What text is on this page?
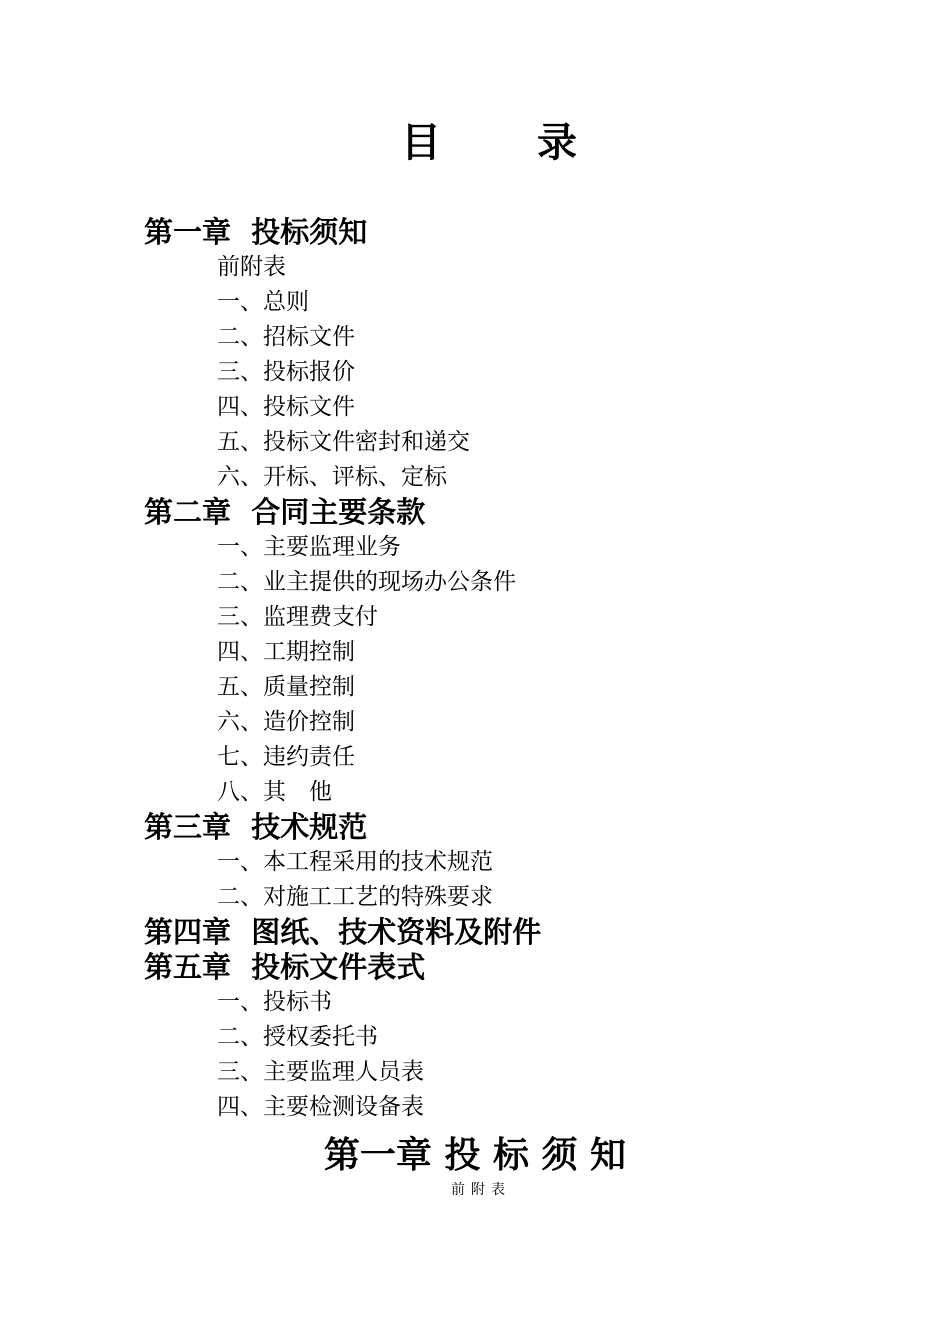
目　录
第一章  投标须知
前附表
一、总则
二、招标文件
三、投标报价
四、投标文件
五、投标文件密封和递交
六、开标、评标、定标
第二章  合同主要条款
一、主要监理业务
二、业主提供的现场办公条件
三、监理费支付
四、工期控制
五、质量控制
六、造价控制
七、违约责任
八、其　他
第三章  技术规范
一、本工程采用的技术规范
二、对施工工艺的特殊要求
第四章  图纸、技术资料及附件
第五章  投标文件表式
一、投标书
二、授权委托书
三、主要监理人员表
四、主要检测设备表
第一章 投 标 须 知
前附表
